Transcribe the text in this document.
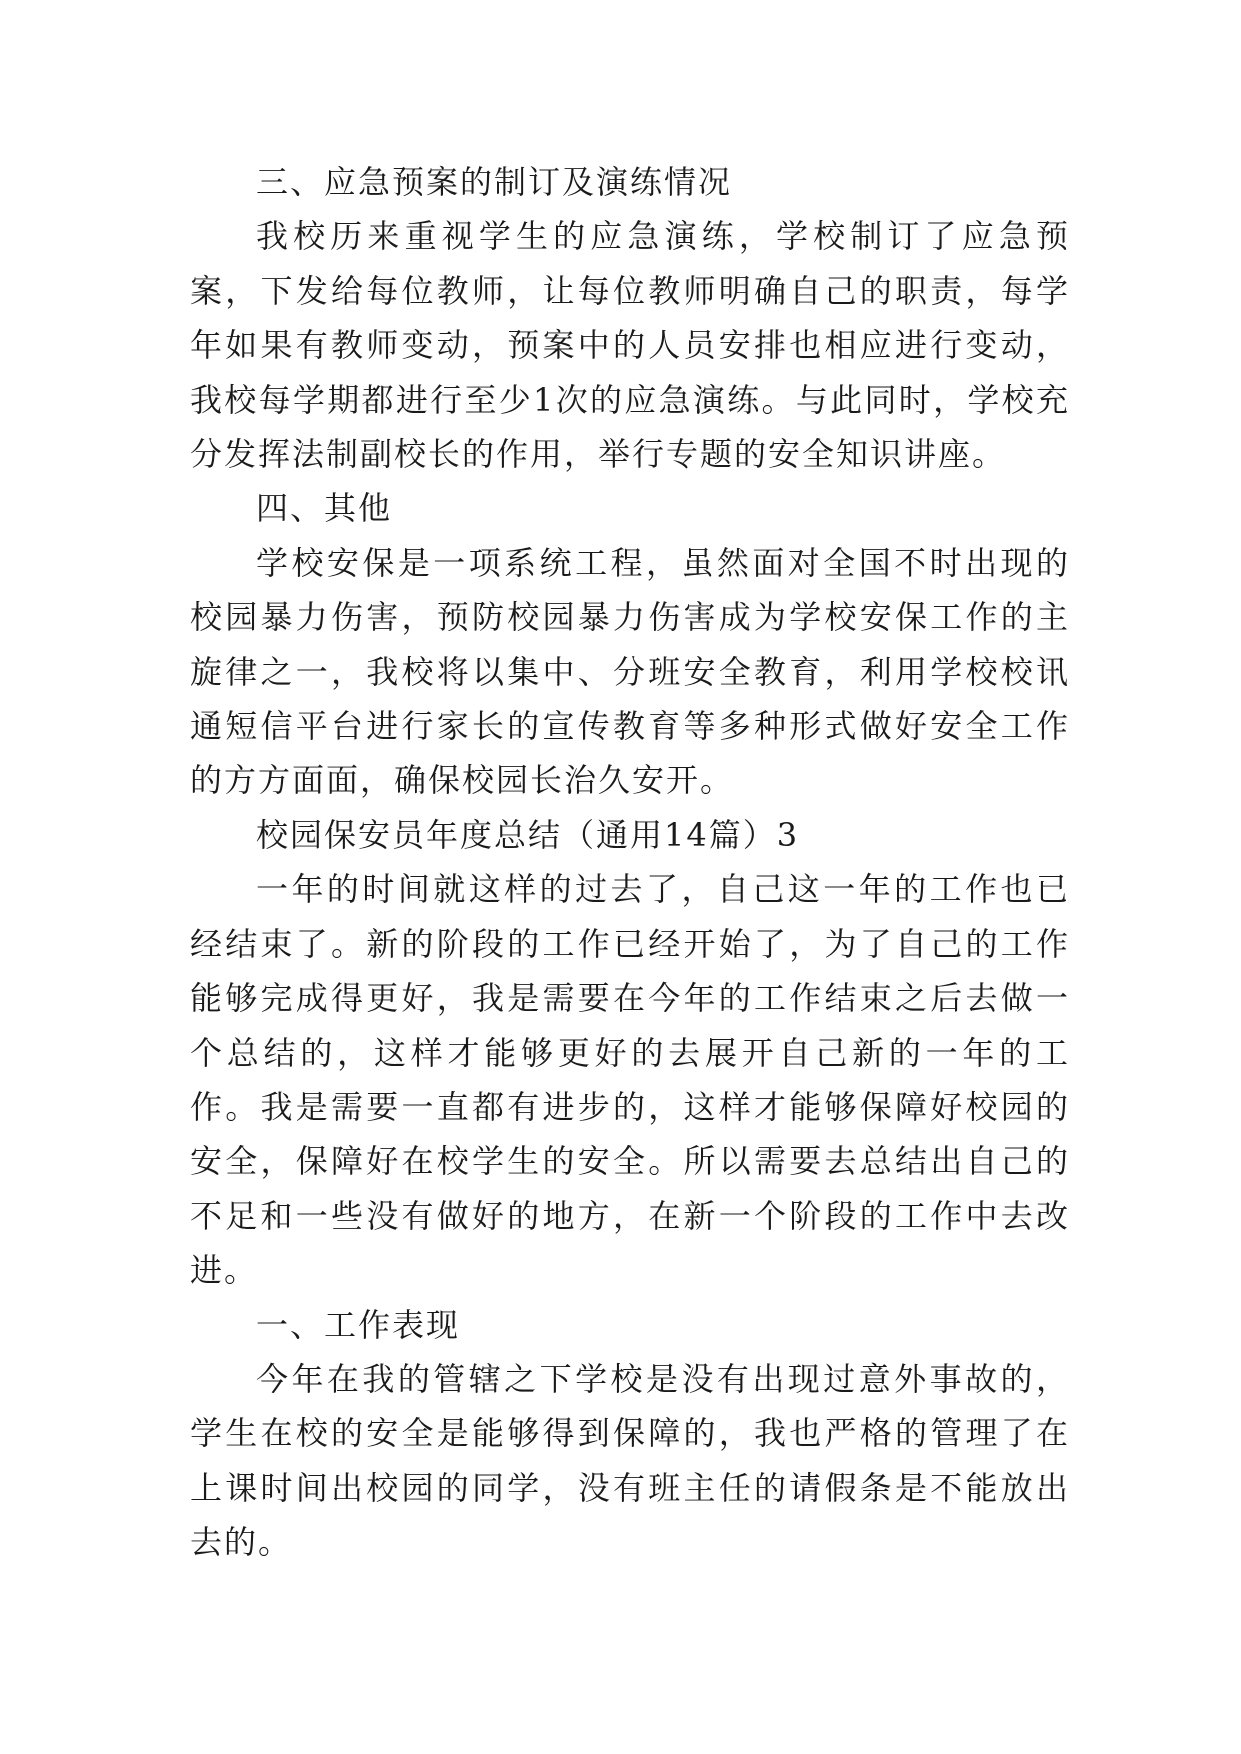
三、应急预案的制订及演练情况

我校历来重视学生的应急演练，学校制订了应急预案，下发给每位教师，让每位教师明确自己的职责，每学年如果有教师变动，预案中的人员安排也相应进行变动，我校每学期都进行至少1次的应急演练。与此同时，学校充分发挥法制副校长的作用，举行专题的安全知识讲座。

四、其他

学校安保是一项系统工程，虽然面对全国不时出现的校园暴力伤害，预防校园暴力伤害成为学校安保工作的主旋律之一，我校将以集中、分班安全教育，利用学校校讯通短信平台进行家长的宣传教育等多种形式做好安全工作的方方面面，确保校园长治久安开。

校园保安员年度总结（通用14篇）3

一年的时间就这样的过去了，自己这一年的工作也已经结束了。新的阶段的工作已经开始了，为了自己的工作能够完成得更好，我是需要在今年的工作结束之后去做一个总结的，这样才能够更好的去展开自己新的一年的工作。我是需要一直都有进步的，这样才能够保障好校园的安全，保障好在校学生的安全。所以需要去总结出自己的不足和一些没有做好的地方，在新一个阶段的工作中去改进。

一、工作表现

今年在我的管辖之下学校是没有出现过意外事故的，学生在校的安全是能够得到保障的，我也严格的管理了在上课时间出校园的同学，没有班主任的请假条是不能放出去的。
